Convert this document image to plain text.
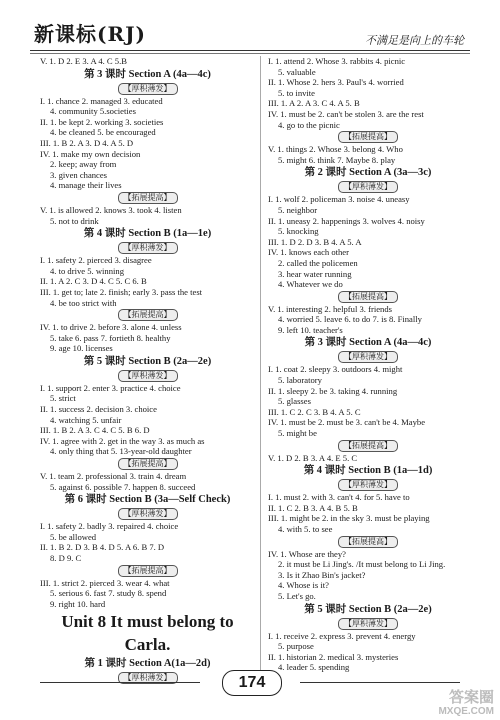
新课标(RJ)	不满足是向上的车轮
V. 1. D 2. E 3. A 4. C 5.B
第 3 课时 Section A (4a—4c)
【厚积薄发】
I. 1. chance 2. managed 3. educated
4. community 5.societies
II. 1. be kept 2. working 3. societies
4. be cleaned 5. be encouraged
III. 1. B 2. A 3. D 4. A 5. D
IV. 1. make my own decision
2. keep; away from
3. given chances
4. manage their lives
【拓展提高】
V. 1. is allowed 2. knows 3. took 4. listen
5. not to drink
第 4 课时 Section B (1a—1e)
【厚积薄发】
I. 1. safety 2. pierced 3. disagree
4. to drive 5. winning
II. 1. A 2. C 3. D 4. C 5. C 6. B
III. 1. get to; late 2. finish; early 3. pass the test
4. be too strict with
【拓展提高】
IV. 1. to drive 2. before 3. alone 4. unless
5. take 6. pass 7. fortieth 8. healthy
9. age 10. licenses
第 5 课时 Section B (2a—2e)
【厚积薄发】
I. 1. support 2. enter 3. practice 4. choice
5. strict
II. 1. success 2. decision 3. choice
4. watching 5. unfair
III. 1. B 2. A 3. C 4. C 5. B 6. D
IV. 1. agree with 2. get in the way 3. as much as
4. only thing that 5. 13-year-old daughter
【拓展提高】
V. 1. team 2. professional 3. train 4. dream
5. against 6. possible 7. happen 8. succeed
第 6 课时 Section B (3a—Self Check)
【厚积薄发】
I. 1. safety 2. badly 3. repaired 4. choice
5. be allowed
II. 1. B 2. D 3. B 4. D 5. A 6. B 7. D
8. D 9. C
【拓展提高】
III. 1. strict 2. pierced 3. wear 4. what
5. serious 6. fast 7. study 8. spend
9. right 10. hard
Unit 8 It must belong to
Carla.
第 1 课时 Section A(1a—2d)
【厚积薄发】
I. 1. attend 2. Whose 3. rabbits 4. picnic
5. valuable
II. 1. Whose 2. hers 3. Paul's 4. worried
5. to invite
III. 1. A 2. A 3. C 4. A 5. B
IV. 1. must be 2. can't be stolen 3. are the rest
4. go to the picnic
【拓展提高】
V. 1. things 2. Whose 3. belong 4. Who
5. might 6. think 7. Maybe 8. play
第 2 课时 Section A (3a—3c)
【厚积薄发】
I. 1. wolf 2. policeman 3. noise 4. uneasy
5. neighbor
II. 1. uneasy 2. happenings 3. wolves 4. noisy
5. knocking
III. 1. D 2. D 3. B 4. A 5. A
IV. 1. knows each other
2. called the policemen
3. hear water running
4. Whatever we do
【拓展提高】
V. 1. interesting 2. helpful 3. friends
4. worried 5. leave 6. to do 7. is 8. Finally
9. left 10. teacher's
第 3 课时 Section A (4a—4c)
【厚积薄发】
I. 1. coat 2. sleepy 3. outdoors 4. might
5. laboratory
II. 1. sleepy 2. be 3. taking 4. running
5. glasses
III. 1. C 2. C 3. B 4. A 5. C
IV. 1. must be 2. must be 3. can't be 4. Maybe
5. might be
【拓展提高】
V. 1. D 2. B 3. A 4. E 5. C
第 4 课时 Section B (1a—1d)
【厚积薄发】
I. 1. must 2. with 3. can't 4. for 5. have to
II. 1. C 2. B 3. A 4. B 5. B
III. 1. might be 2. in the sky 3. must be playing
4. with 5. to see
【拓展提高】
IV. 1. Whose are they?
2. it must be Li Jing's. /It must belong to Li Jing.
3. Is it Zhao Bin's jacket?
4. Whose is it?
5. Let's go.
第 5 课时 Section B (2a—2e)
【厚积薄发】
I. 1. receive 2. express 3. prevent 4. energy
5. purpose
II. 1. historian 2. medical 3. mysteries
4. leader 5. spending
174
答案圈
MXQE.COM
